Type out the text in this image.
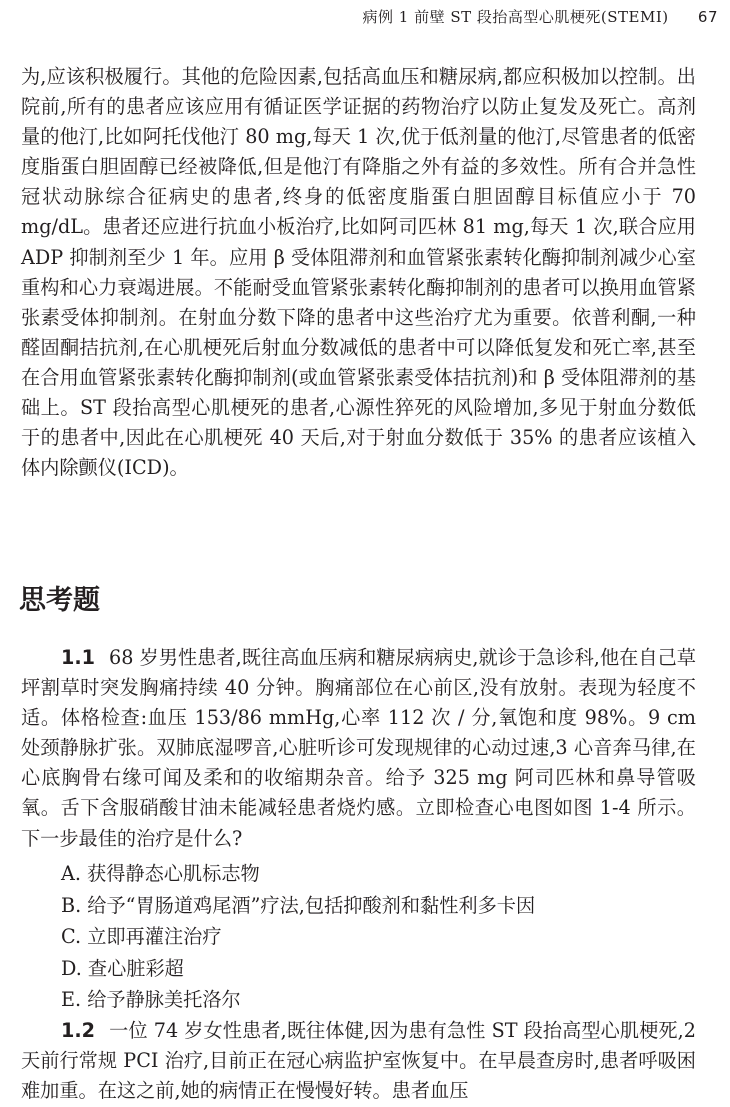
病例 1 前壁 ST 段抬高型心肌梗死(STEMI) 67
为,应该积极履行。其他的危险因素,包括高血压和糖尿病,都应积极加以控制。出院前,所有的患者应该应用有循证医学证据的药物治疗以防止复发及死亡。高剂量的他汀,比如阿托伐他汀 80 mg,每天 1 次,优于低剂量的他汀,尽管患者的低密度脂蛋白胆固醇已经被降低,但是他汀有降脂之外有益的多效性。所有合并急性冠状动脉综合征病史的患者,终身的低密度脂蛋白胆固醇目标值应小于 70 mg/dL。患者还应进行抗血小板治疗,比如阿司匹林 81 mg,每天 1 次,联合应用 ADP 抑制剂至少 1 年。应用 β 受体阻滞剂和血管紧张素转化酶抑制剂减少心室重构和心力衰竭进展。不能耐受血管紧张素转化酶抑制剂的患者可以换用血管紧张素受体抑制剂。在射血分数下降的患者中这些治疗尤为重要。依普利酮,一种醛固酮拮抗剂,在心肌梗死后射血分数减低的患者中可以降低复发和死亡率,甚至在合用血管紧张素转化酶抑制剂(或血管紧张素受体拮抗剂)和 β 受体阻滞剂的基础上。ST 段抬高型心肌梗死的患者,心源性猝死的风险增加,多见于射血分数低于的患者中,因此在心肌梗死 40 天后,对于射血分数低于 35% 的患者应该植入体内除颤仪(ICD)。
思考题
1.1 68 岁男性患者,既往高血压病和糖尿病病史,就诊于急诊科,他在自己草坪割草时突发胸痛持续 40 分钟。胸痛部位在心前区,没有放射。表现为轻度不适。体格检查:血压 153/86 mmHg,心率 112 次 / 分,氧饱和度 98%。9 cm 处颈静脉扩张。双肺底湿啰音,心脏听诊可发现规律的心动过速,3 心音奔马律,在心底胸骨右缘可闻及柔和的收缩期杂音。给予 325 mg 阿司匹林和鼻导管吸氧。舌下含服硝酸甘油未能减轻患者烧灼感。立即检查心电图如图 1-4 所示。下一步最佳的治疗是什么?
A. 获得静态心肌标志物
B. 给予“胃肠道鸡尾酒”疗法,包括抑酸剂和黏性利多卡因
C. 立即再灌注治疗
D. 查心脏彩超
E. 给予静脉美托洛尔
1.2 一位 74 岁女性患者,既往体健,因为患有急性 ST 段抬高型心肌梗死,2 天前行常规 PCI 治疗,目前正在冠心病监护室恢复中。在早晨查房时,患者呼吸困难加重。在这之前,她的病情正在慢慢好转。患者血压
